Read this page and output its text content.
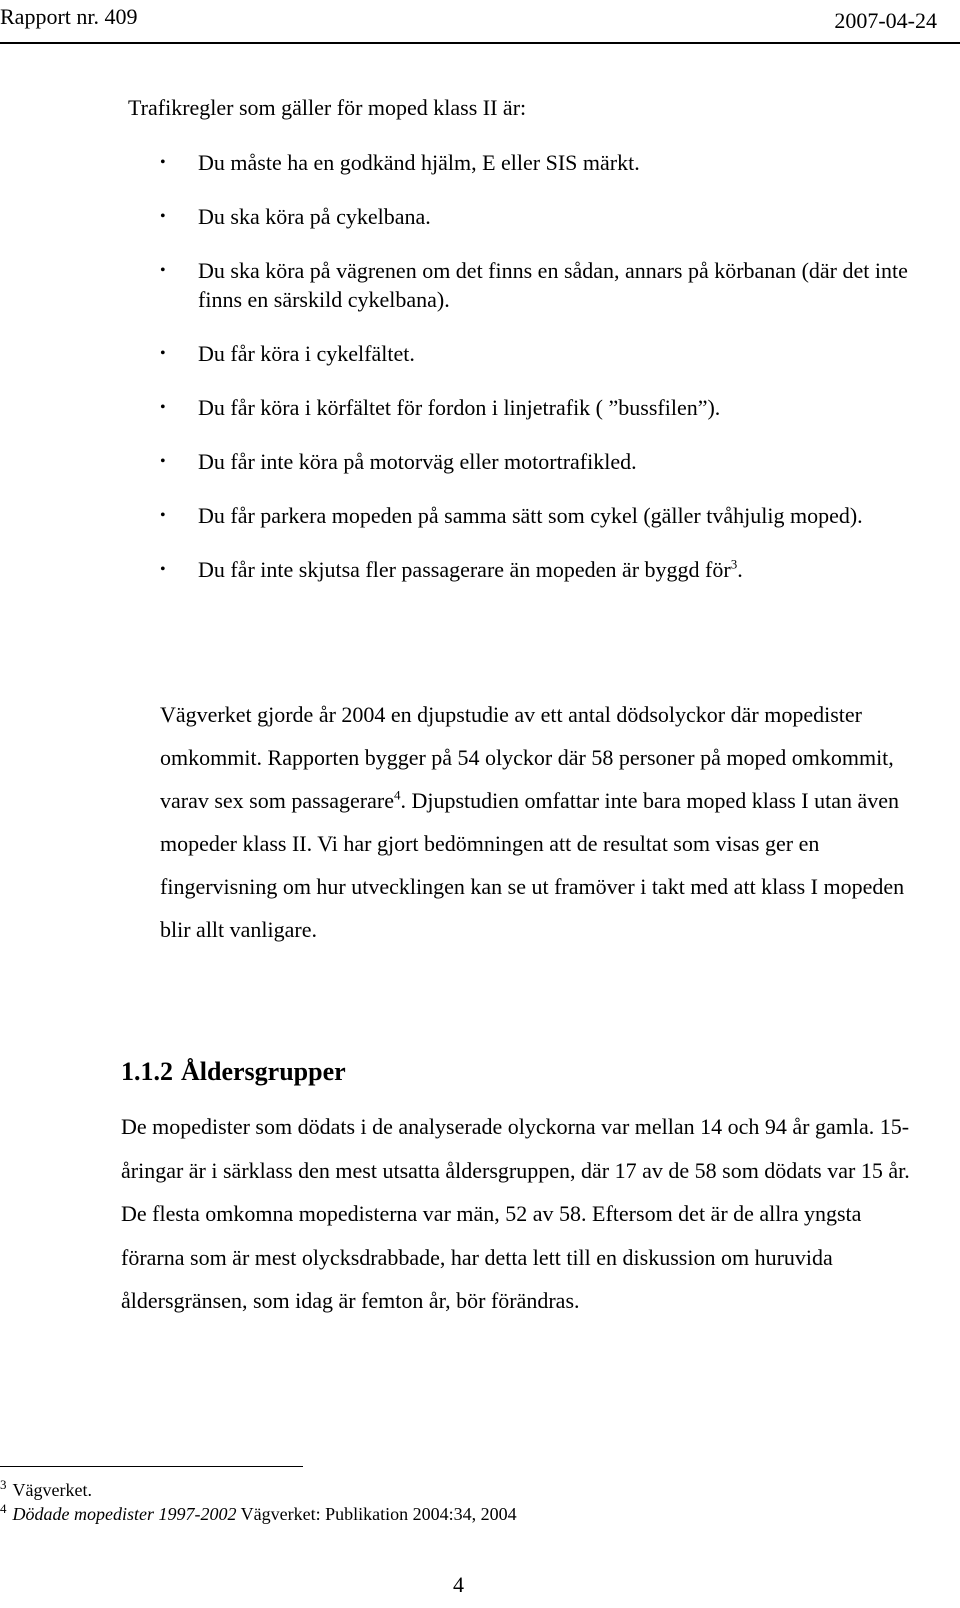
Rapport nr. 409	2007-04-24
Trafikregler som gäller för moped klass II är:
• Du måste ha en godkänd hjälm, E eller SIS märkt.
• Du ska köra på cykelbana.
• Du ska köra på vägrenen om det finns en sådan, annars på körbanan (där det inte finns en särskild cykelbana).
• Du får köra i cykelfältet.
• Du får köra i körfältet för fordon i linjetrafik ( ”bussfilen”).
• Du får inte köra på motorväg eller motortrafikled.
• Du får parkera mopeden på samma sätt som cykel (gäller tvåhjulig moped).
• Du får inte skjutsa fler passagerare än mopeden är byggd för$^3$.
Vägverket gjorde år 2004 en djupstudie av ett antal dödsolyckor där mopedister omkommit. Rapporten bygger på 54 olyckor där 58 personer på moped omkommit, varav sex som passagerare$^4$. Djupstudien omfattar inte bara moped klass I utan även mopeder klass II. Vi har gjort bedömningen att de resultat som visas ger en fingervisning om hur utvecklingen kan se ut framöver i takt med att klass I mopeden blir allt vanligare.
1.1.2 Åldersgrupper
De mopedister som dödats i de analyserade olyckorna var mellan 14 och 94 år gamla. 15-åringar är i särklass den mest utsatta åldersgruppen, där 17 av de 58 som dödats var 15 år. De flesta omkomna mopedisterna var män, 52 av 58. Eftersom det är de allra yngsta förarna som är mest olycksdrabbade, har detta lett till en diskussion om huruvida åldersgränsen, som idag är femton år, bör förändras.
$^3$ Vägverket.
$^4$ Dödade mopedister 1997-2002 Vägverket: Publikation 2004:34, 2004
4
